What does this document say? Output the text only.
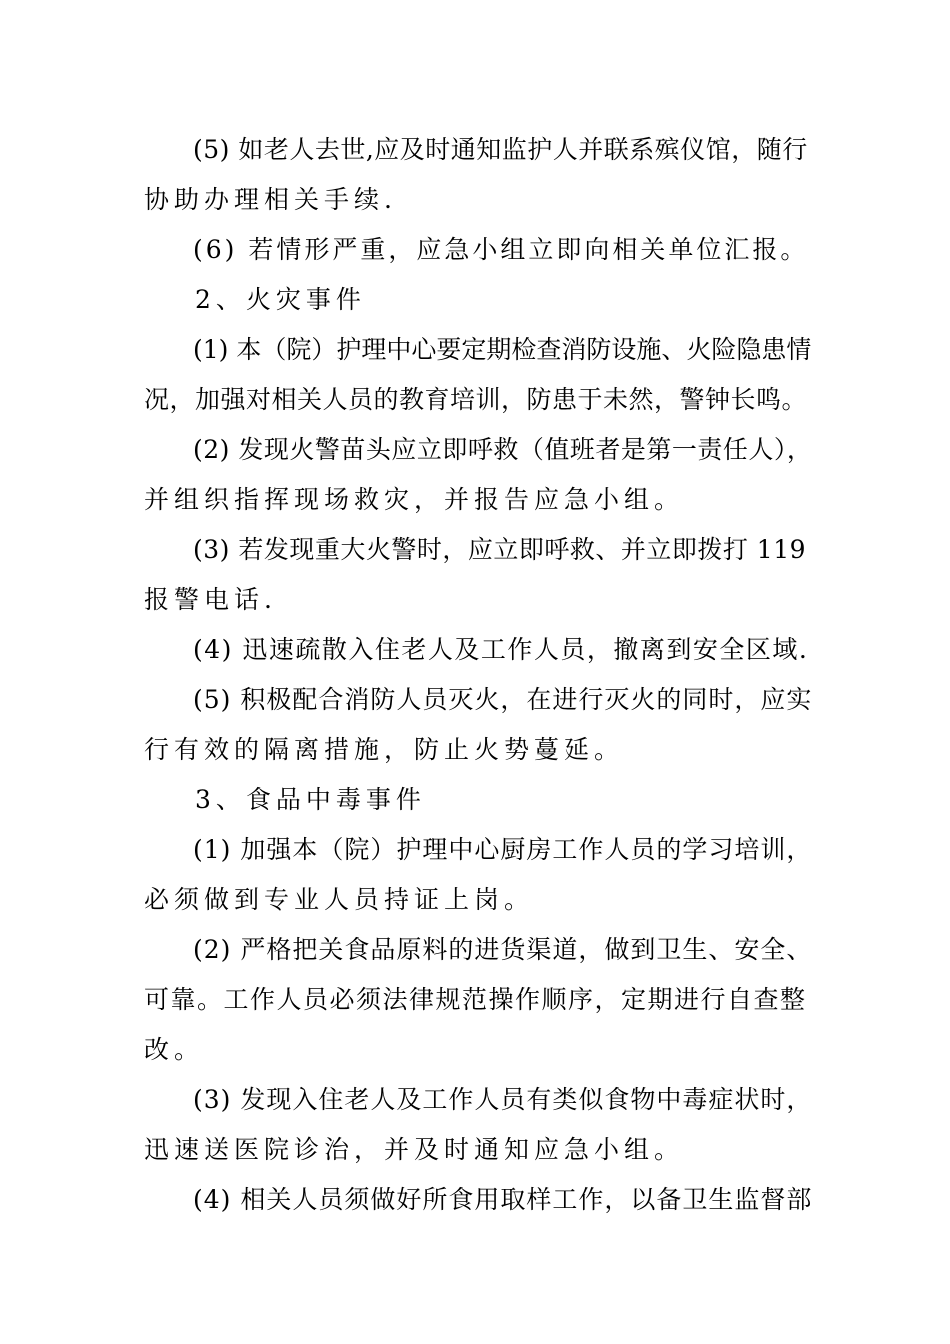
(5) 如老人去世,应及时通知监护人并联系殡仪馆，随行

协助办理相关手续.

(6) 若情形严重，应急小组立即向相关单位汇报。

2、火灾事件

(1) 本（院）护理中心要定期检查消防设施、火险隐患情

况，加强对相关人员的教育培训，防患于未然，警钟长鸣。

(2) 发现火警苗头应立即呼救（值班者是第一责任人），

并组织指挥现场救灾，并报告应急小组。

(3) 若发现重大火警时，应立即呼救、并立即拨打 119

报警电话.

(4) 迅速疏散入住老人及工作人员，撤离到安全区域.

(5) 积极配合消防人员灭火，在进行灭火的同时，应实

行有效的隔离措施，防止火势蔓延。

3、食品中毒事件

(1) 加强本（院）护理中心厨房工作人员的学习培训，

必须做到专业人员持证上岗。

(2) 严格把关食品原料的进货渠道，做到卫生、安全、

可靠。工作人员必须法律规范操作顺序，定期进行自查整

改。

(3) 发现入住老人及工作人员有类似食物中毒症状时，

迅速送医院诊治，并及时通知应急小组。

(4) 相关人员须做好所食用取样工作，以备卫生监督部
